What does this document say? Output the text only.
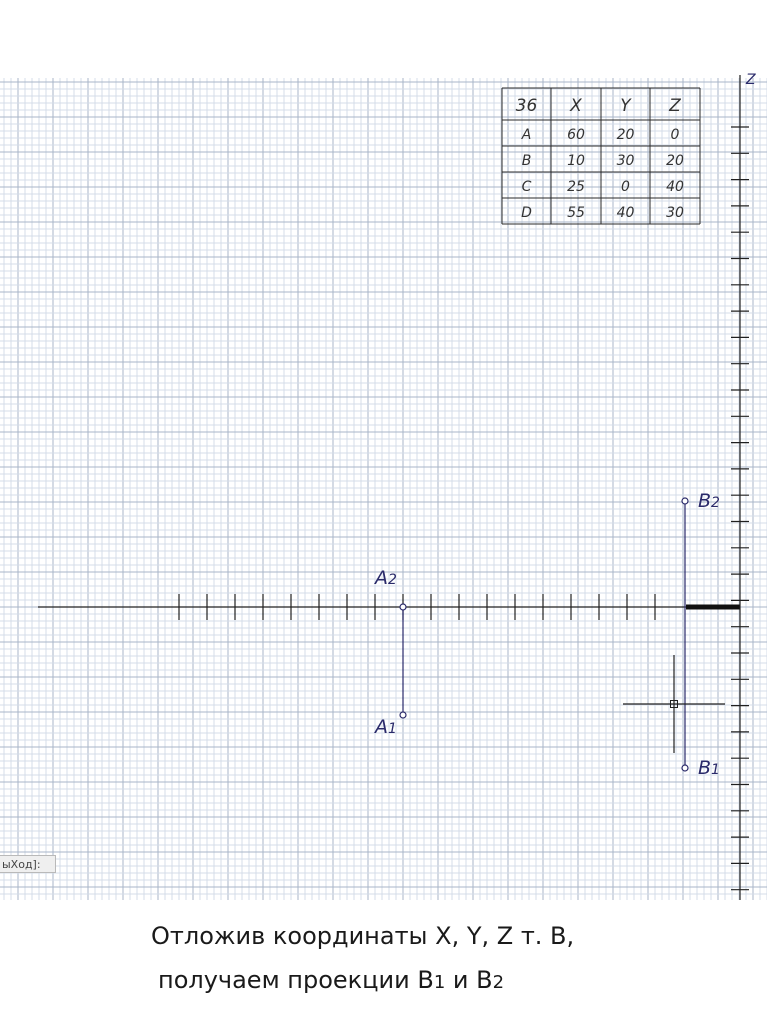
Z
36 X Y Z
A	60 20	0
B	10 30 20
C	25	0	40
D	55 40 30
A2
A1
B2
B1
ыХод]:
Отложив координаты X, Y, Z т. B,
получаем проекции B1 и B2
